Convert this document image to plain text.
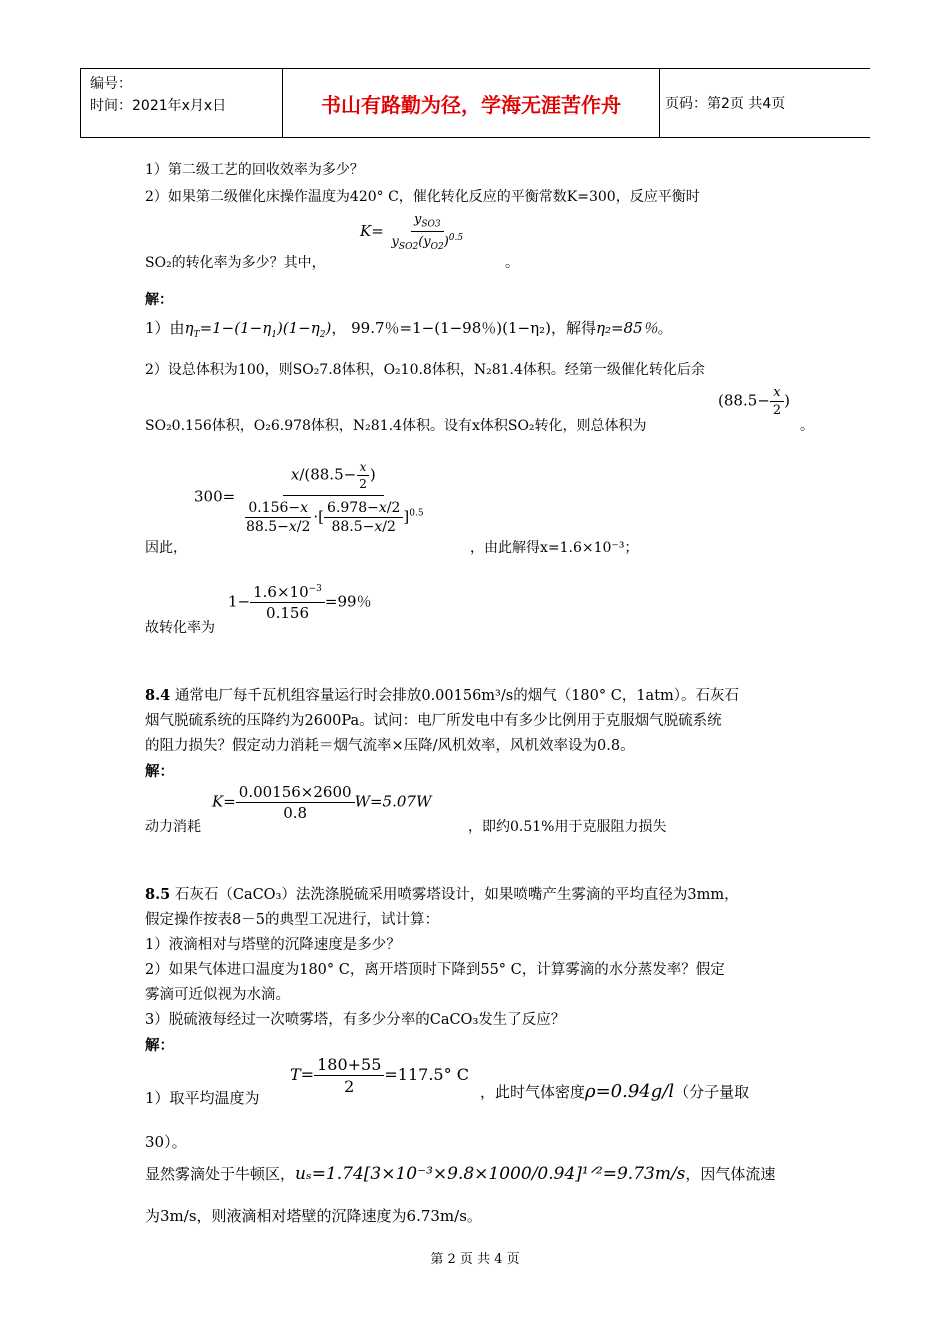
编号：
时间：2021年x月x日	书山有路勤为径，学海无涯苦作舟	页码：第2页 共4页
1）第二级工艺的回收效率为多少？
2）如果第二级催化床操作温度为420° C，催化转化反应的平衡常数K=300，反应平衡时
$K= \frac{y_{SO3}}{y_{SO2}(y_{O2})^{0.5}}$
SO₂的转化率为多少？其中，	。
解：
1）由$\eta_T=1-(1-\eta_1)(1-\eta_2)$， 99.7％=1−(1−98％)(1−η₂)，解得η₂=85％。
2）设总体积为100，则SO₂7.8体积，O₂10.8体积，N₂81.4体积。经第一级催化转化后余
($88.5- \frac{x}{2}$ )
SO₂0.156体积，O₂6.978体积，N₂81.4体积。设有x体积SO₂转化，则总体积为	。
$300= \frac{x/(88.5- \frac{x}{2} )}{\frac{0.156-x}{88.5-x/2} \cdot[ \frac{6.978-x/2}{88.5-x/2} ]^{0.5}}$
因此，	，由此解得x=1.6×10⁻³；
$1- \frac{1.6\times 10^{-3}}{0.156} =99$％
故转化率为
8.4 通常电厂每千瓦机组容量运行时会排放0.00156m³/s的烟气（180° C，1atm）。石灰石
烟气脱硫系统的压降约为2600Pa。试问：电厂所发电中有多少比例用于克服烟气脱硫系统
的阻力损失？假定动力消耗＝烟气流率×压降/风机效率，风机效率设为0.8。
解：
$K= \frac{0.00156\times 2600}{0.8} W=5.07W$
动力消耗	，即约0.51%用于克服阻力损失
8.5 石灰石（CaCO₃）法洗涤脱硫采用喷雾塔设计，如果喷嘴产生雾滴的平均直径为3mm，
假定操作按表8－5的典型工况进行，试计算：
1）液滴相对与塔壁的沉降速度是多少？
2）如果气体进口温度为180° C，离开塔顶时下降到55° C，计算雾滴的水分蒸发率？假定
雾滴可近似视为水滴。
3）脱硫液每经过一次喷雾塔，有多少分率的CaCO₃发生了反应？
解：
$T= \frac{180+55}{2} =117.5^\circ$ C
1）取平均温度为	，此时气体密度ρ=0.94g/l（分子量取
30）。
显然雾滴处于牛顿区，uₛ=1.74[3×10⁻³×9.8×1000/0.94]¹ᐟ²=9.73m/s，因气体流速
为3m/s，则液滴相对塔壁的沉降速度为6.73m/s。
第 2 页 共 4 页
